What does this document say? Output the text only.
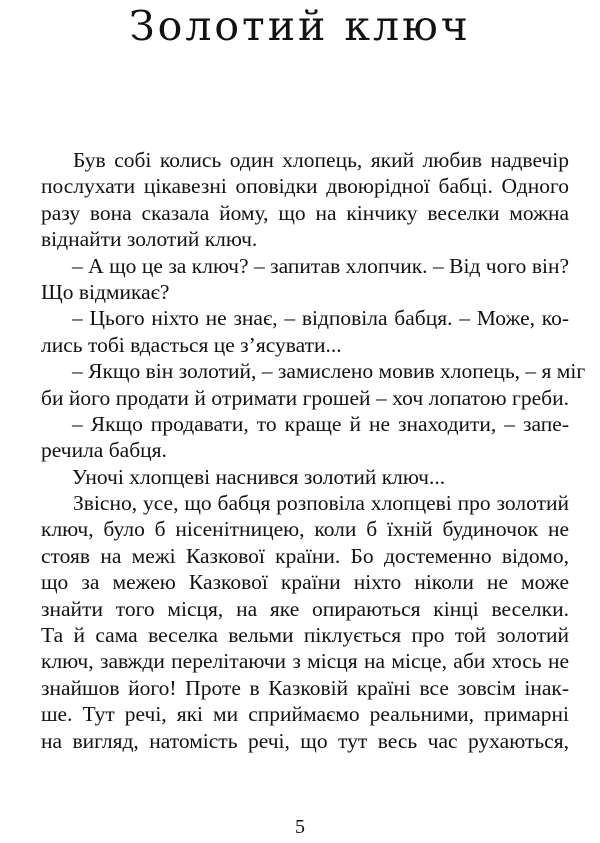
Золотий ключ
Був собі колись один хлопець, який любив надвечір
послухати цікавезні оповідки двоюрідної бабці. Одного
разу вона сказала йому, що на кінчику веселки можна
віднайти золотий ключ.
– А що це за ключ? – запитав хлопчик. – Від чого він?
Що відмикає?
– Цього ніхто не знає, – відповіла бабця. – Може, ко-
лись тобі вдасться це з’ясувати...
– Якщо він золотий, – замислено мовив хлопець, – я міг
би його продати й отримати грошей – хоч лопатою греби.
– Якщо продавати, то краще й не знаходити, – запе-
речила бабця.
Уночі хлопцеві наснився золотий ключ...
Звісно, усе, що бабця розповіла хлопцеві про золотий
ключ, було б нісенітницею, коли б їхній будиночок не
стояв на межі Казкової країни. Бо достеменно відомо,
що за межею Казкової країни ніхто ніколи не може
знайти того місця, на яке опираються кінці веселки.
Та й сама веселка вельми піклується про той золотий
ключ, завжди перелітаючи з місця на місце, аби хтось не
знайшов його! Проте в Казковій країні все зовсім інак-
ше. Тут речі, які ми сприймаємо реальними, примарні
на вигляд, натомість речі, що тут весь час рухаються,
5
